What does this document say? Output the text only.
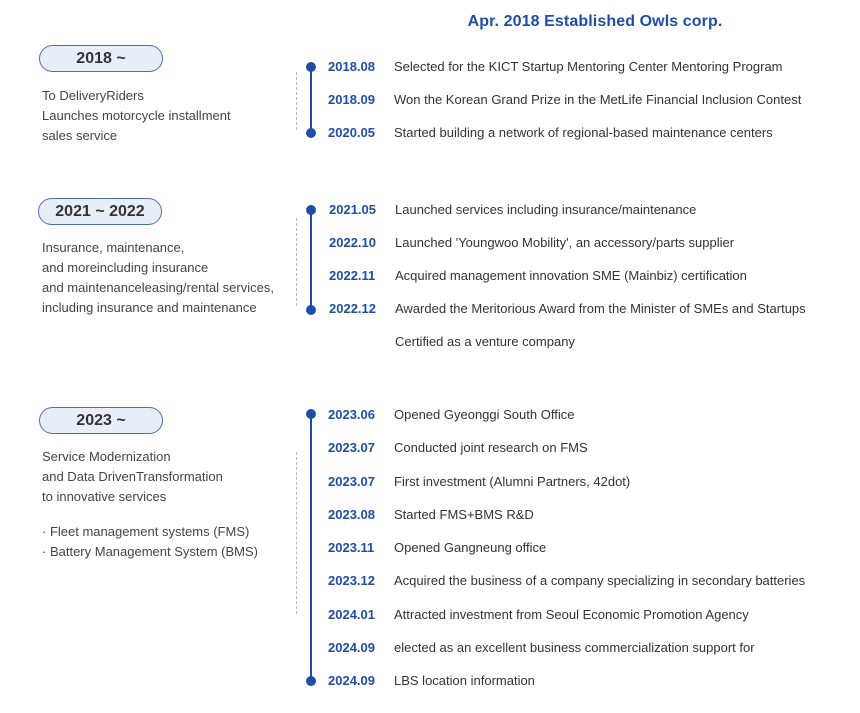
Apr. 2018 Established Owls corp.
2018 ~
To DeliveryRiders
Launches motorcycle installment
sales service
2018.08 Selected for the KICT Startup Mentoring Center Mentoring Program
2018.09 Won the Korean Grand Prize in the MetLife Financial Inclusion Contest
2020.05 Started building a network of regional-based maintenance centers
2021 ~ 2022
Insurance, maintenance,
and moreincluding insurance
and maintenanceleasing/rental services,
including insurance and maintenance
2021.05 Launched services including insurance/maintenance
2022.10 Launched 'Youngwoo Mobility', an accessory/parts supplier
2022.11 Acquired management innovation SME (Mainbiz) certification
2022.12 Awarded the Meritorious Award from the Minister of SMEs and Startups
Certified as a venture company
2023 ~
Service Modernization
and Data DrivenTransformation
to innovative services
· Fleet management systems (FMS)
· Battery Management System (BMS)
2023.06 Opened Gyeonggi South Office
2023.07 Conducted joint research on FMS
2023.07 First investment (Alumni Partners, 42dot)
2023.08 Started FMS+BMS R&D
2023.11 Opened Gangneung office
2023.12 Acquired the business of a company specializing in secondary batteries
2024.01 Attracted investment from Seoul Economic Promotion Agency
2024.09 elected as an excellent business commercialization support for
2024.09 LBS location information
